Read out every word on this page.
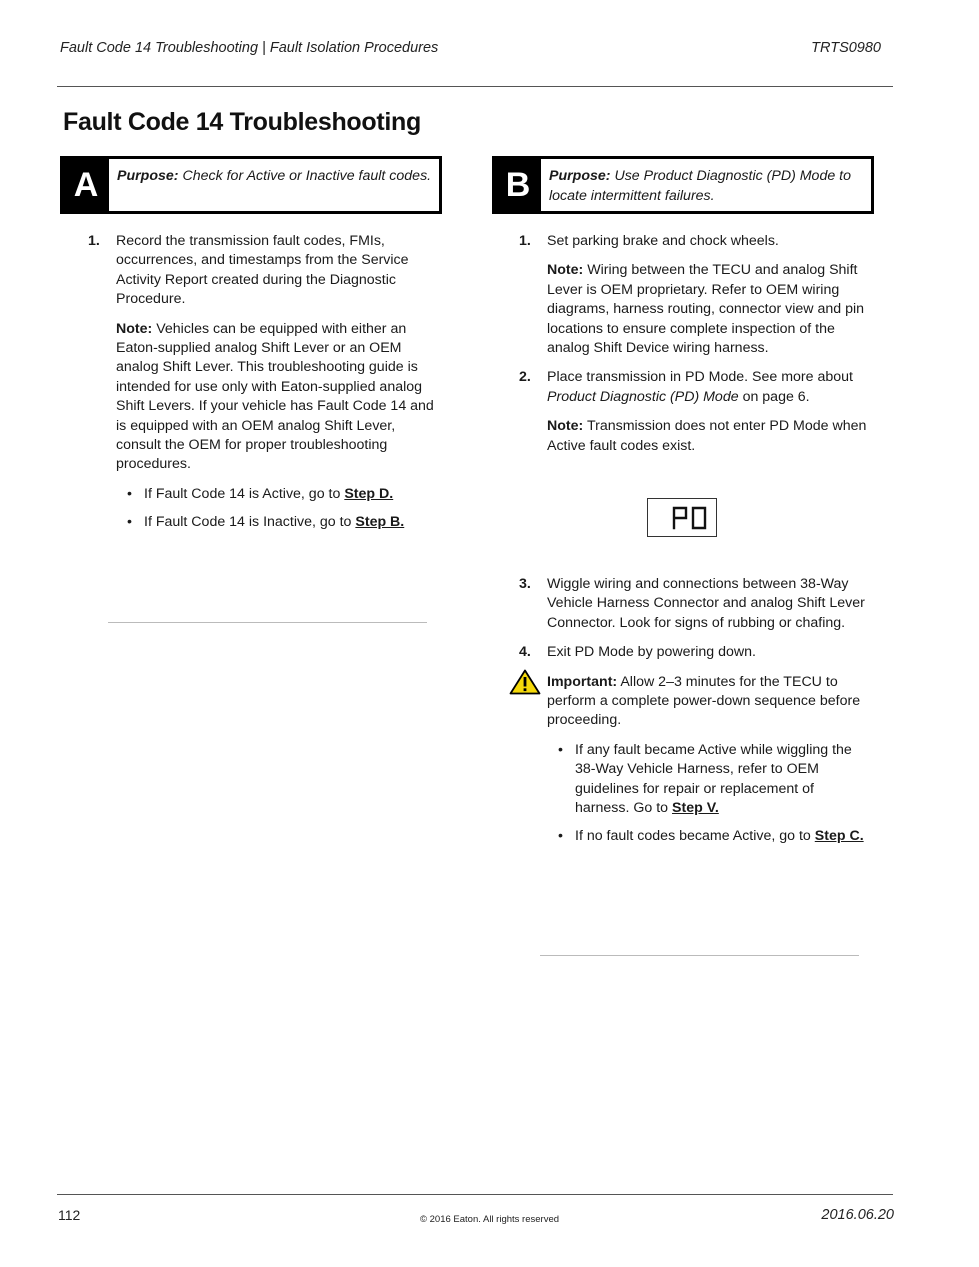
Fault Code 14 Troubleshooting | Fault Isolation Procedures	TRTS0980
Fault Code 14 Troubleshooting
A	Purpose: Check for Active or Inactive fault codes.	B	Purpose: Use Product Diagnostic (PD) Mode to locate intermittent failures.
1. Record the transmission fault codes, FMIs, occurrences, and timestamps from the Service Activity Report created during the Diagnostic Procedure.
Note: Vehicles can be equipped with either an Eaton-supplied analog Shift Lever or an OEM analog Shift Lever. This troubleshooting guide is intended for use only with Eaton-supplied analog Shift Levers. If your vehicle has Fault Code 14 and is equipped with an OEM analog Shift Lever, consult the OEM for proper troubleshooting procedures.
• If Fault Code 14 is Active, go to Step D.
• If Fault Code 14 is Inactive, go to Step B.
1. Set parking brake and chock wheels.
Note: Wiring between the TECU and analog Shift Lever is OEM proprietary. Refer to OEM wiring diagrams, harness routing, connector view and pin locations to ensure complete inspection of the analog Shift Device wiring harness.
2. Place transmission in PD Mode. See more about Product Diagnostic (PD) Mode on page 6.
Note: Transmission does not enter PD Mode when Active fault codes exist.
3. Wiggle wiring and connections between 38-Way Vehicle Harness Connector and analog Shift Lever Connector. Look for signs of rubbing or chafing.
4. Exit PD Mode by powering down.
Important: Allow 2–3 minutes for the TECU to perform a complete power-down sequence before proceeding.
• If any fault became Active while wiggling the 38-Way Vehicle Harness, refer to OEM guidelines for repair or replacement of harness. Go to Step V.
• If no fault codes became Active, go to Step C.
112	© 2016 Eaton. All rights reserved	2016.06.20
